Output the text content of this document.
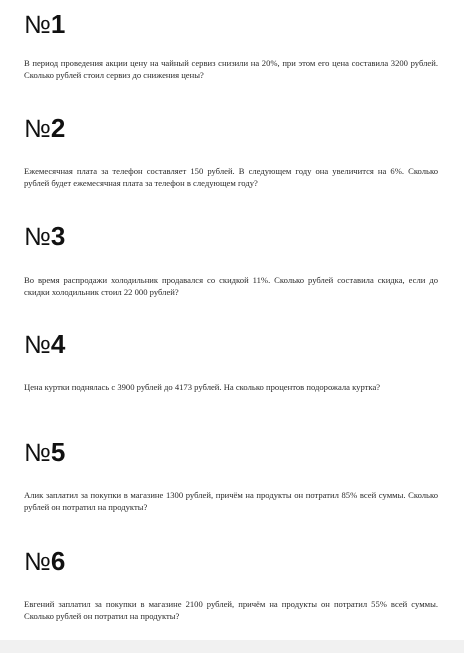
№1
В период проведения акции цену на чайный сервиз снизили на 20%, при этом его цена составила 3200 рублей. Сколько рублей стоил сервиз до снижения цены?
№2
Ежемесячная плата за телефон составляет 150 рублей. В следующем году она увеличится на 6%. Сколько рублей будет ежемесячная плата за телефон в следующем году?
№3
Во время распродажи холодильник продавался со скидкой 11%. Сколько рублей составила скидка, если до скидки холодильник стоил 22 000 рублей?
№4
Цена куртки поднялась с 3900 рублей до 4173 рублей. На сколько процентов подорожала куртка?
№5
Алик заплатил за покупки в магазине 1300 рублей, причём на продукты он потратил 85% всей суммы. Сколько рублей он потратил на продукты?
№6
Евгений заплатил за покупки в магазине 2100 рублей, причём на продукты он потратил 55% всей суммы. Сколько рублей он потратил на продукты?
